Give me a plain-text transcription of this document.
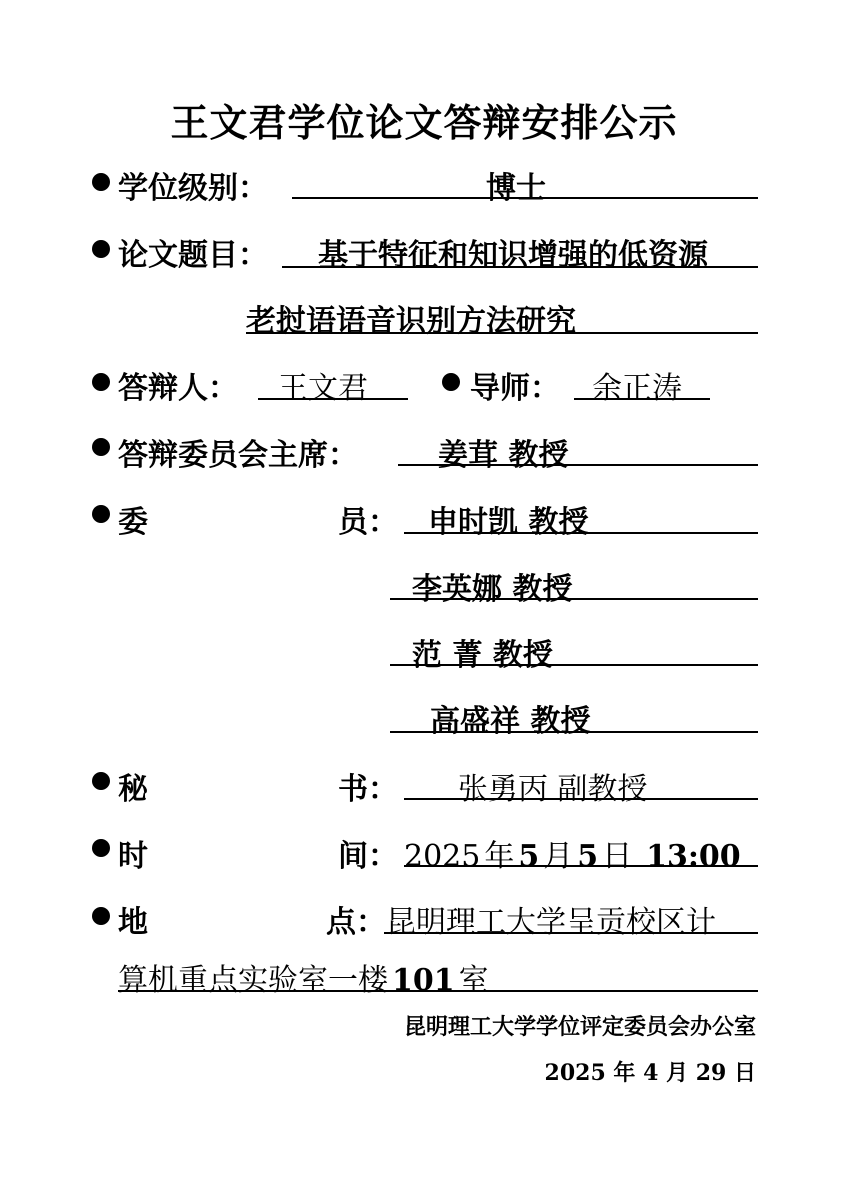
王文君学位论文答辩安排公示
学位级别：	博士
论文题目： 基于特征和知识增强的低资源
老挝语语音识别方法研究
答辩人： 王文君	导师： 余正涛
答辩委员会主席：	姜茸 教授
委	员： 申时凯 教授
李英娜 教授
范 菁 教授
高盛祥 教授
秘	书： 张勇丙 副教授
时	间： 2025 年 5 月 5 日 13:00
地	点： 昆明理工大学呈贡校区计
算机重点实验室一楼 101 室
昆明理工大学学位评定委员会办公室
2025 年 4 月 29 日
